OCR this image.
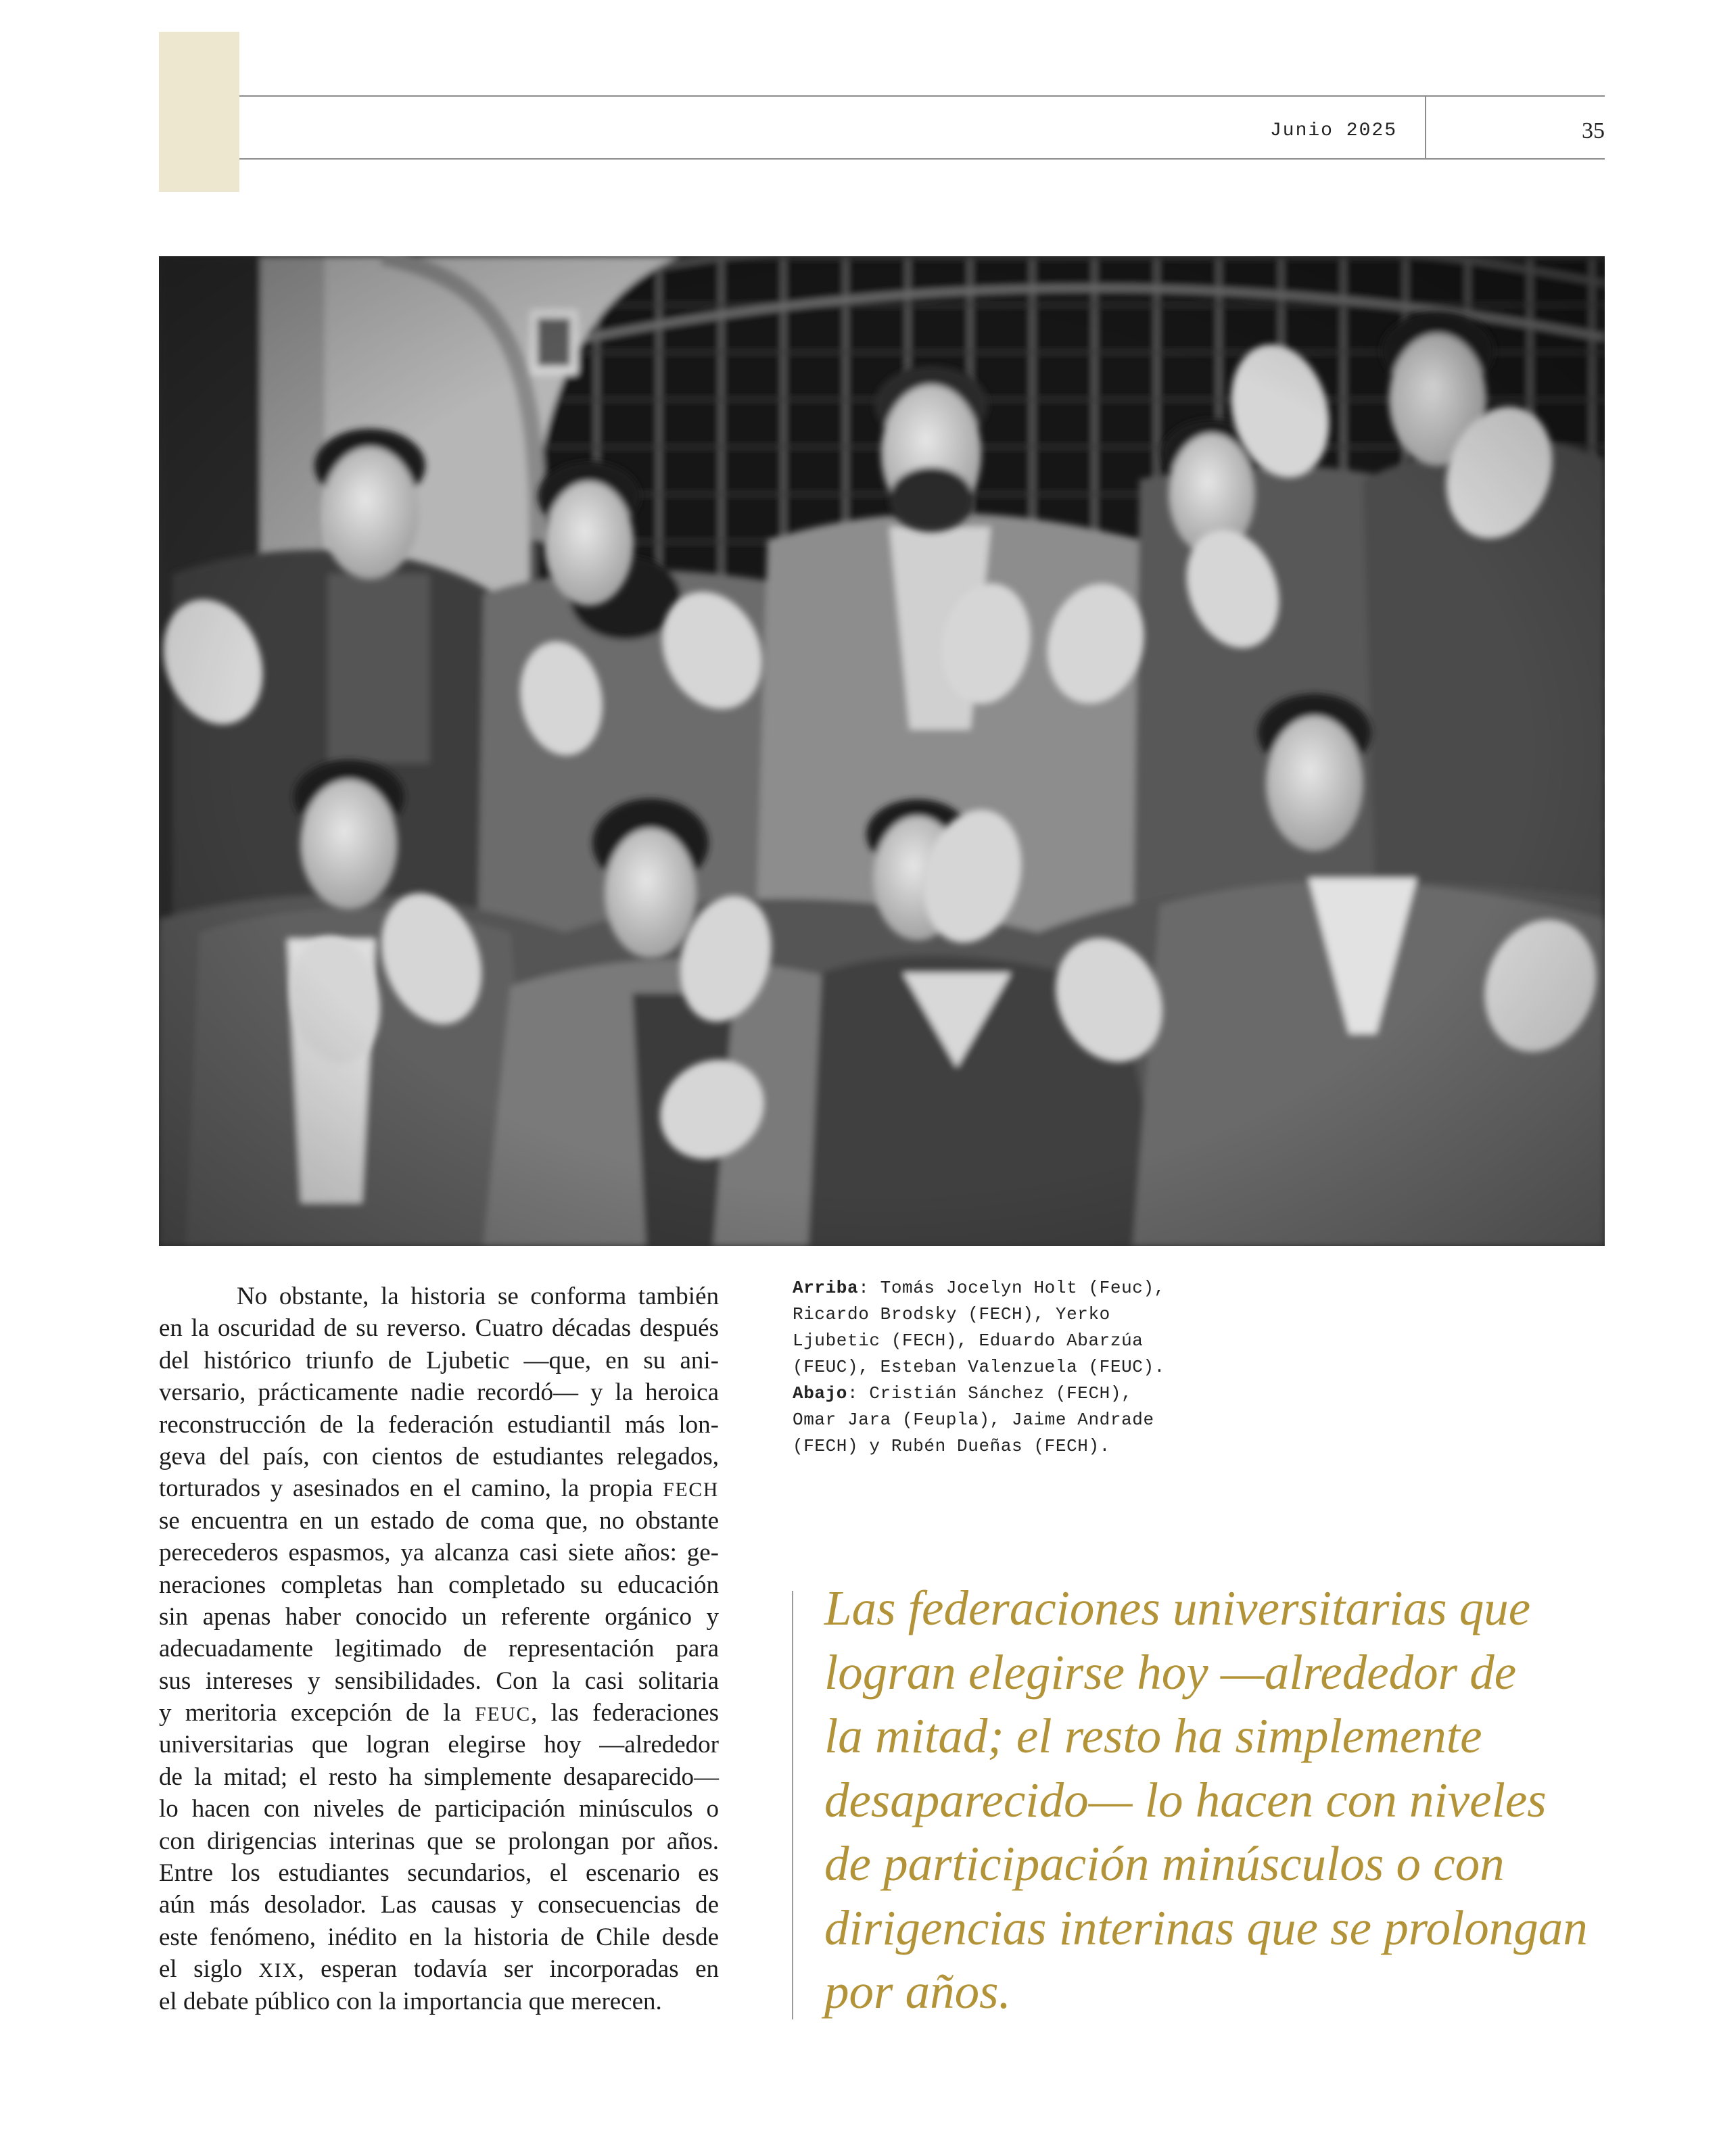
Junio 2025	35
No obstante, la historia se conforma también
en la oscuridad de su reverso. Cuatro décadas después
del histórico triunfo de Ljubetic —que, en su ani-
versario, prácticamente nadie recordó— y la heroica
reconstrucción de la federación estudiantil más lon-
geva del país, con cientos de estudiantes relegados,
torturados y asesinados en el camino, la propia FECH
se encuentra en un estado de coma que, no obstante
perecederos espasmos, ya alcanza casi siete años: ge-
neraciones completas han completado su educación
sin apenas haber conocido un referente orgánico y
adecuadamente legitimado de representación para
sus intereses y sensibilidades. Con la casi solitaria
y meritoria excepción de la FEUC, las federaciones
universitarias que logran elegirse hoy —alrededor
de la mitad; el resto ha simplemente desaparecido—
lo hacen con niveles de participación minúsculos o
con dirigencias interinas que se prolongan por años.
Entre los estudiantes secundarios, el escenario es
aún más desolador. Las causas y consecuencias de
este fenómeno, inédito en la historia de Chile desde
el siglo XIX, esperan todavía ser incorporadas en
el debate público con la importancia que merecen.
Arriba: Tomás Jocelyn Holt (Feuc),
Ricardo Brodsky (FECH), Yerko
Ljubetic (FECH), Eduardo Abarzúa
(FEUC), Esteban Valenzuela (FEUC).
Abajo: Cristián Sánchez (FECH),
Omar Jara (Feupla), Jaime Andrade
(FECH) y Rubén Dueñas (FECH).
Las federaciones universitarias que
logran elegirse hoy —alrededor de
la mitad; el resto ha simplemente
desaparecido— lo hacen con niveles
de participación minúsculos o con
dirigencias interinas que se prolongan
por años.
